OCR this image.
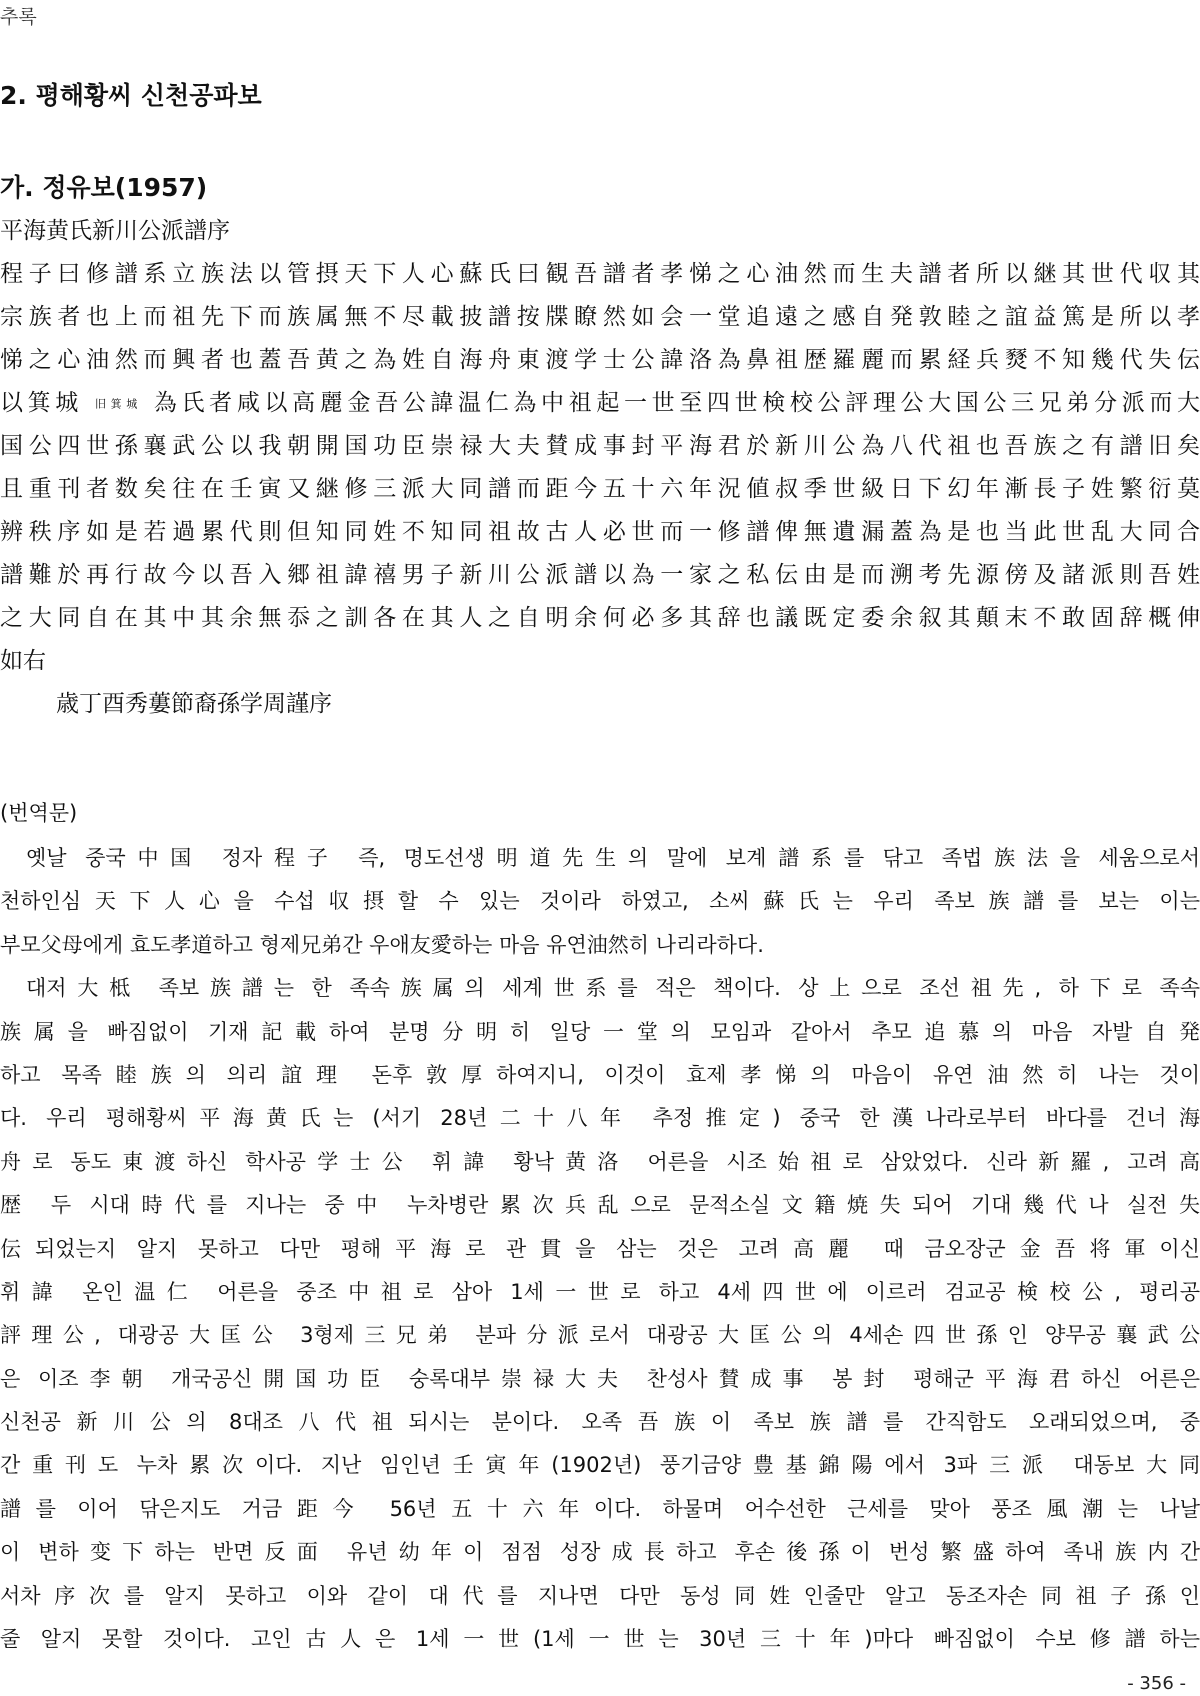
추록
2. 평해황씨 신천공파보
가. 정유보(1957)
平海黄氏新川公派譜序
程子曰修譜系立族法以管摂天下人心蘇氏曰観吾譜者孝悌之心油然而生夫譜者所以継其世代収其
宗族者也上而祖先下而族属無不尽載披譜按牒瞭然如会一堂追遠之感自発敦睦之誼益篤是所以孝
悌之心油然而興者也蓋吾黄之為姓自海舟東渡学士公諱洛為鼻祖歴羅麗而累経兵燹不知幾代失伝
以箕城 旧箕城 為氏者咸以高麗金吾公諱温仁為中祖起一世至四世検校公評理公大国公三兄弟分派而大
国公四世孫襄武公以我朝開国功臣崇禄大夫賛成事封平海君於新川公為八代祖也吾族之有譜旧矣
且重刊者数矣往在壬寅又継修三派大同譜而距今五十六年況値叔季世級日下幻年漸長子姓繁衍莫
辨秩序如是若過累代則但知同姓不知同祖故古人必世而一修譜俾無遺漏蓋為是也当此世乱大同合
譜難於再行故今以吾入郷祖諱禧男子新川公派譜以為一家之私伝由是而溯考先源傍及諸派則吾姓
之大同自在其中其余無忝之訓各在其人之自明余何必多其辞也議既定委余叙其顛末不敢固辞概伸
如右
歳丁酉秀蔞節裔孫学周謹序
(번역문)
옛날 중국中国 정자程子 즉, 명도선생明道先生의 말에 보계譜系를 닦고 족법族法을 세움으로서
천하인심天下人心을 수섭収摂할 수 있는 것이라 하였고, 소씨蘇氏는 우리 족보族譜를 보는 이는
부모父母에게 효도孝道하고 형제兄弟간 우애友愛하는 마음 유연油然히 나리라하다.
대저大柢 족보族譜는 한 족속族属의 세계世系를 적은 책이다. 상上으로 조선祖先, 하下로 족속
族属을 빠짐없이 기재記載하여 분명分明히 일당一堂의 모임과 같아서 추모追慕의 마음 자발自発
하고 목족睦族의 의리誼理 돈후敦厚하여지니, 이것이 효제孝悌의 마음이 유연油然히 나는 것이
다. 우리 평해황씨平海黄氏는 (서기 28년二十八年 추정推定) 중국 한漢나라로부터 바다를 건너海
舟로 동도東渡하신 학사공学士公 휘諱 황낙黄洛 어른을 시조始祖로 삼았었다. 신라新羅, 고려高
歴 두 시대時代를 지나는 중中 누차병란累次兵乱으로 문적소실文籍焼失되어 기대幾代나 실전失
伝되었는지 알지 못하고 다만 평해平海로 관貫을 삼는 것은 고려高麗 때 금오장군金吾将軍이신
휘諱 온인温仁 어른을 중조中祖로 삼아 1세一世로 하고 4세四世에 이르러 검교공検校公, 평리공
評理公, 대광공大匡公 3형제三兄弟 분파分派로서 대광공大匡公의 4세손四世孫인 양무공襄武公
은 이조李朝 개국공신開国功臣 숭록대부崇禄大夫 찬성사賛成事 봉封 평해군平海君하신 어른은
신천공新川公의 8대조八代祖되시는 분이다. 오족吾族이 족보族譜를 간직함도 오래되었으며, 중
간重刊도 누차累次이다. 지난 임인년壬寅年(1902년) 풍기금양豊基錦陽에서 3파三派 대동보大同
譜를 이어 닦은지도 거금距今 56년五十六年이다. 하물며 어수선한 근세를 맞아 풍조風潮는 나날
이 변하变下하는 반면反面 유년幼年이 점점 성장成長하고 후손後孫이 번성繁盛하여 족내族内간
서차序次를 알지 못하고 이와 같이 대代를 지나면 다만 동성同姓인줄만 알고 동조자손同祖子孫인
줄 알지 못할 것이다. 고인古人은 1세一世(1세一世는 30년三十年)마다 빠짐없이 수보修譜하는
- 356 -
